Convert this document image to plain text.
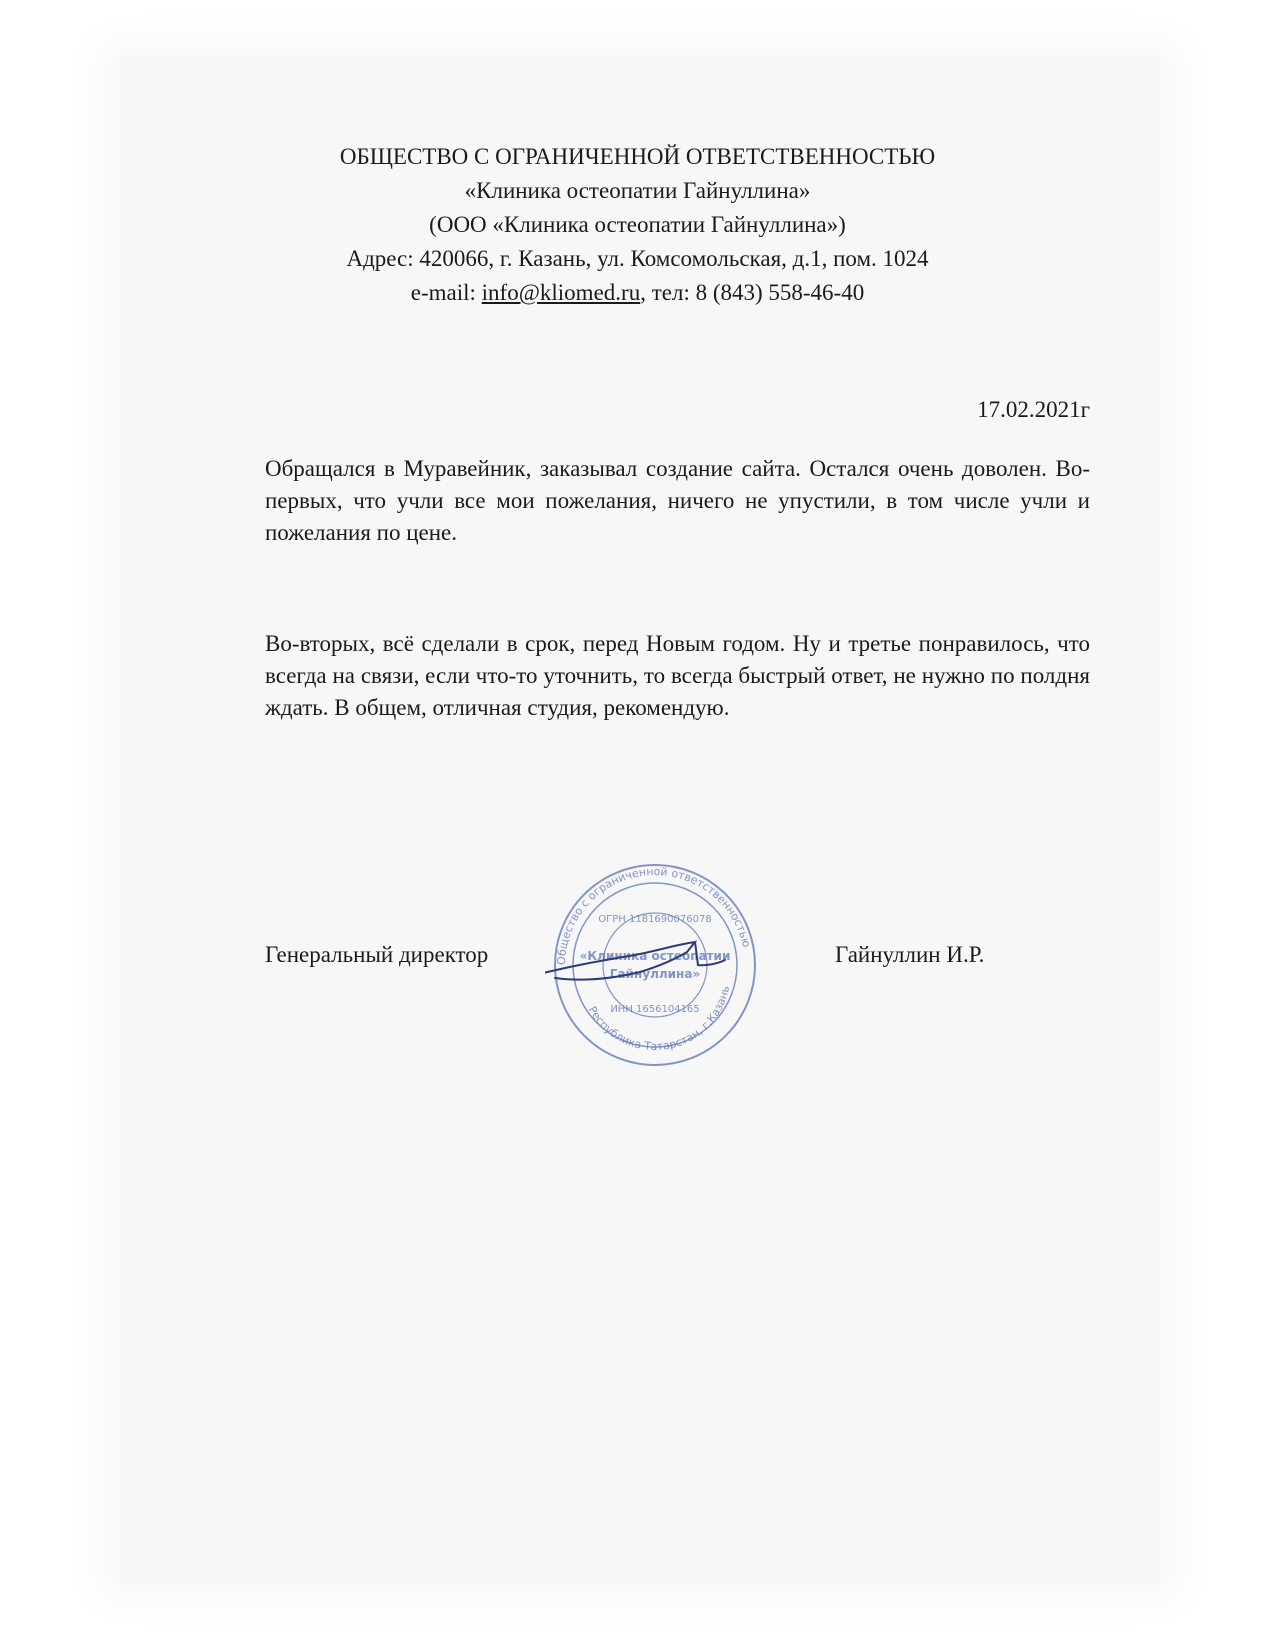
ОБЩЕСТВО С ОГРАНИЧЕННОЙ ОТВЕТСТВЕННОСТЬЮ
«Клиника остеопатии Гайнуллина»
(ООО «Клиника остеопатии Гайнуллина»)
Адрес: 420066, г. Казань, ул. Комсомольская, д.1, пом. 1024
e-mail: info@kliomed.ru, тел: 8 (843) 558-46-40
17.02.2021г
Обращался в Муравейник, заказывал создание сайта. Остался очень доволен. Во-первых, что учли все мои пожелания, ничего не упустили, в том числе учли и пожелания по цене.
Во-вторых, всё сделали в срок, перед Новым годом. Ну и третье понравилось, что всегда на связи, если что-то уточнить, то всегда быстрый ответ, не нужно по полдня ждать. В общем, отличная студия, рекомендую.
Генеральный директор	Гайнуллин И.Р.
Общество с ограниченной ответственностью
Республика Татарстан, г.Казань
ОГРН 1181690076078
«Клиника остеопатии
Гайнуллина»
ИНН 1656104165
